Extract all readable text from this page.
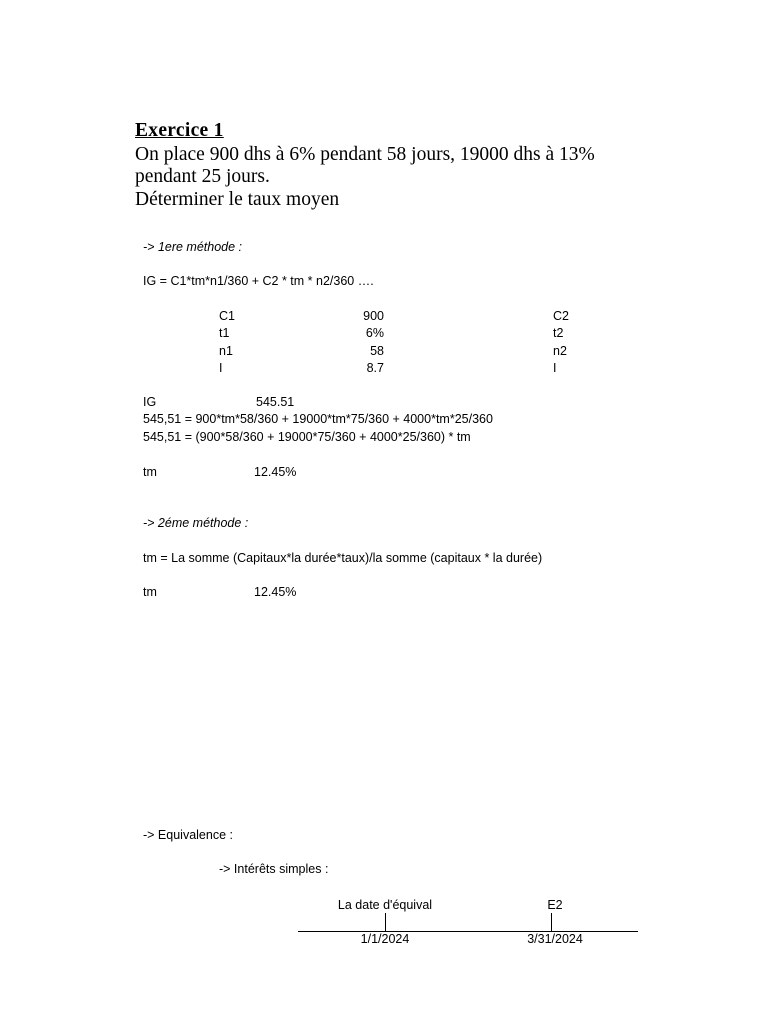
Exercice 1
On place 900 dhs à 6% pendant 58 jours, 19000 dhs à 13%
pendant 25 jours.
Déterminer le taux moyen
-> 1ere méthode :
IG = C1*tm*n1/360 + C2 * tm * n2/360 ….
C1	900	C2
t1	6%	t2
n1	58	n2
I	8.7	I
IG	545.51
545,51 = 900*tm*58/360 + 19000*tm*75/360 + 4000*tm*25/360
545,51 = (900*58/360 + 19000*75/360 + 4000*25/360) * tm
tm	12.45%
-> 2éme méthode :
tm = La somme (Capitaux*la durée*taux)/la somme (capitaux * la durée)
tm	12.45%
-> Equivalence :
-> Intérêts simples :
La date d'équival	E2
1/1/2024	3/31/2024
